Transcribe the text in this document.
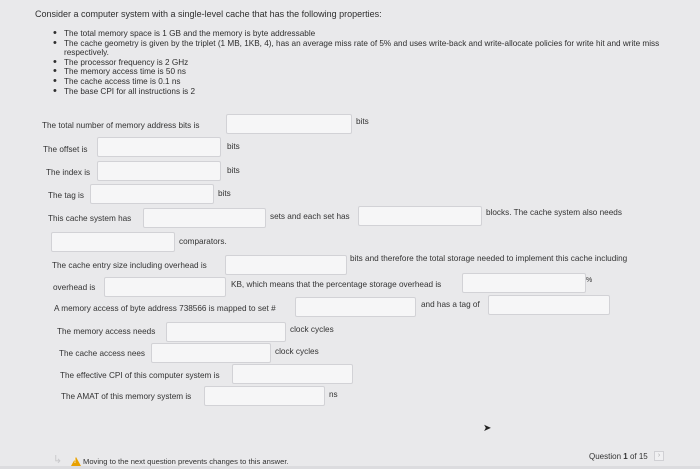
Consider a computer system with a single-level cache that has the following properties:
• The total memory space is 1 GB and the memory is byte addressable
• The cache geometry is given by the triplet (1 MB, 1KB, 4), has an average miss rate of 5% and uses write-back and write-allocate policies for write hit and write miss respectively.
• The processor frequency is 2 GHz
• The memory access time is 50 ns
• The cache access time is 0.1 ns
• The base CPI for all instructions is 2
The total number of memory address bits is	bits
The offset is	bits
The index is	bits
The tag is	bits
This cache system has	sets and each set has	blocks. The cache system also needs
comparators.
The cache entry size including overhead is
bits and therefore the total storage needed to implement this cache including
overhead is	KB, which means that the percentage storage overhead is	%
A memory access of byte address 738566 is mapped to set #	and has a tag of
The memory access needs	clock cycles
The cache access nees	clock cycles
The effective CPI of this computer system is
The AMAT of this memory system is	ns
➤
↳ ! Moving to the next question prevents changes to this answer.
Question 1 of 15	›
